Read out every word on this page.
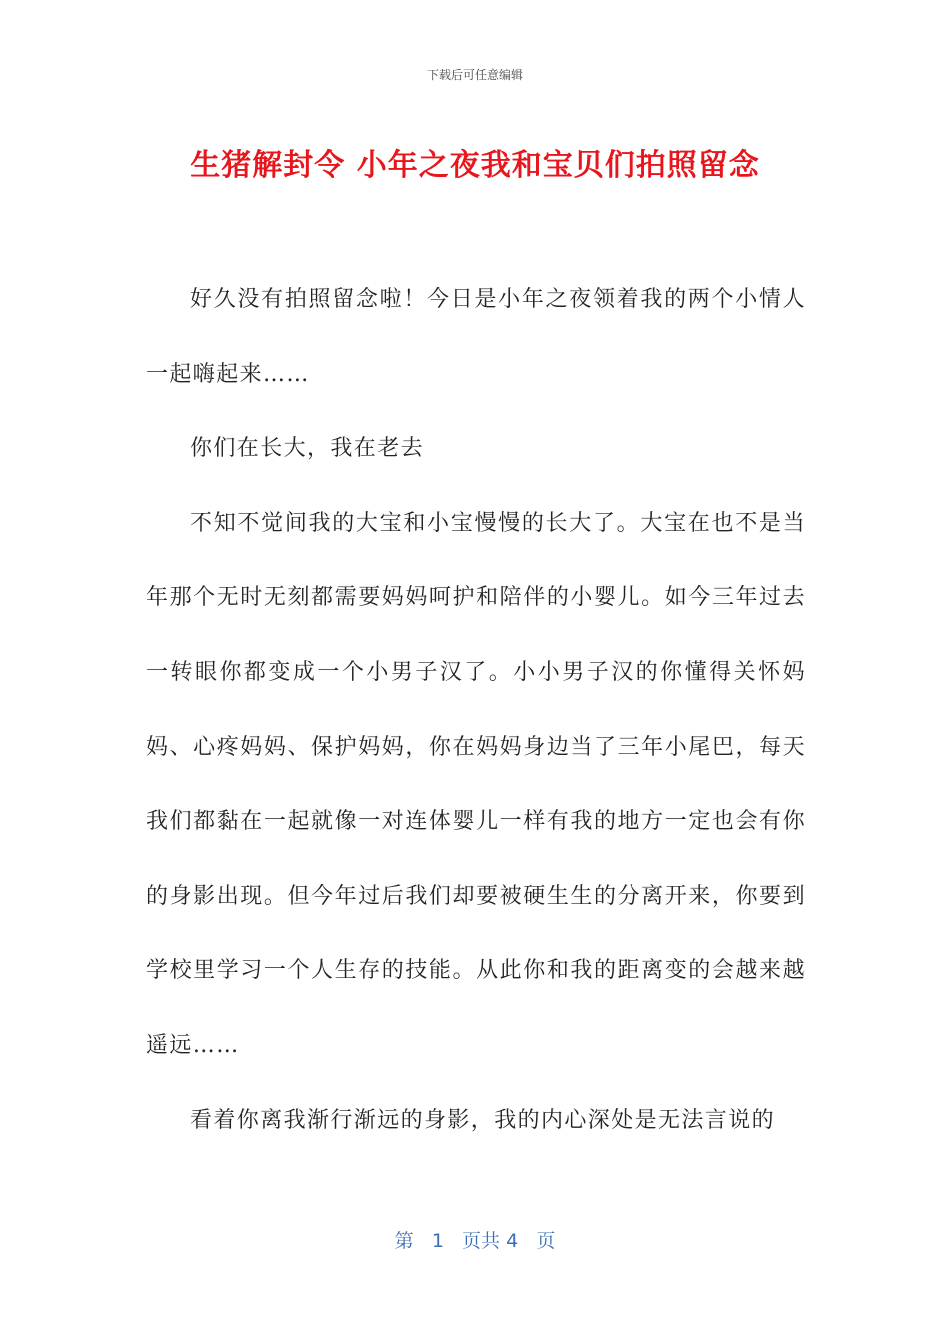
下载后可任意编辑
生猪解封令 小年之夜我和宝贝们拍照留念

好久没有拍照留念啦！今日是小年之夜领着我的两个小情人一起嗨起来……

你们在长大，我在老去

不知不觉间我的大宝和小宝慢慢的长大了。大宝在也不是当年那个无时无刻都需要妈妈呵护和陪伴的小婴儿。如今三年过去一转眼你都变成一个小男子汉了。小小男子汉的你懂得关怀妈妈、心疼妈妈、保护妈妈，你在妈妈身边当了三年小尾巴，每天我们都黏在一起就像一对连体婴儿一样有我的地方一定也会有你的身影出现。但今年过后我们却要被硬生生的分离开来，你要到学校里学习一个人生存的技能。从此你和我的距离变的会越来越遥远……

看着你离我渐行渐远的身影，我的内心深处是无法言说的

第 1 页共 4 页
